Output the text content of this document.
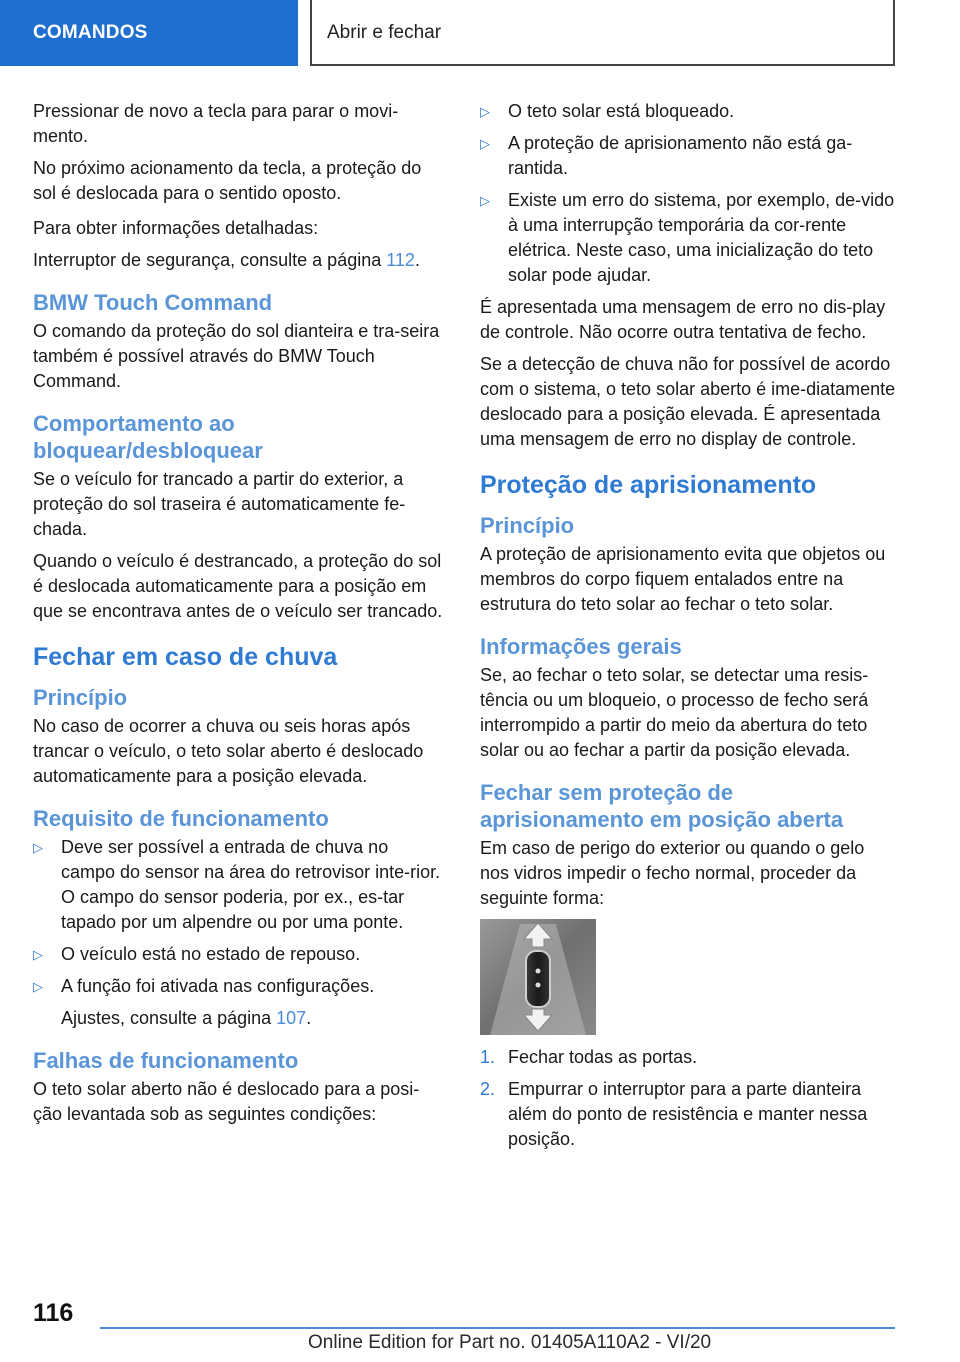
COMANDOS	Abrir e fechar

Pressionar de novo a tecla para parar o movi-mento.

No próximo acionamento da tecla, a proteção do sol é deslocada para o sentido oposto.

Para obter informações detalhadas:

Interruptor de segurança, consulte a página 112.

BMW Touch Command

O comando da proteção do sol dianteira e tra-seira também é possível através do BMW Touch Command.

Comportamento ao bloquear/desbloquear

Se o veículo for trancado a partir do exterior, a proteção do sol traseira é automaticamente fe-chada.

Quando o veículo é destrancado, a proteção do sol é deslocada automaticamente para a posição em que se encontrava antes de o veículo ser trancado.

Fechar em caso de chuva
Princípio

No caso de ocorrer a chuva ou seis horas após trancar o veículo, o teto solar aberto é deslocado automaticamente para a posição elevada.

Requisito de funcionamento
▷ Deve ser possível a entrada de chuva no campo do sensor na área do retrovisor inte-rior. O campo do sensor poderia, por ex., es-tar tapado por um alpendre ou por uma ponte.
▷ O veículo está no estado de repouso.
▷ A função foi ativada nas configurações.

Ajustes, consulte a página 107.

Falhas de funcionamento

O teto solar aberto não é deslocado para a posi-ção levantada sob as seguintes condições:

▷ O teto solar está bloqueado.
▷ A proteção de aprisionamento não está ga-rantida.
▷ Existe um erro do sistema, por exemplo, de-vido à uma interrupção temporária da cor-rente elétrica. Neste caso, uma inicialização do teto solar pode ajudar.

É apresentada uma mensagem de erro no dis-play de controle. Não ocorre outra tentativa de fecho.

Se a detecção de chuva não for possível de acordo com o sistema, o teto solar aberto é ime-diatamente deslocado para a posição elevada. É apresentada uma mensagem de erro no display de controle.

Proteção de aprisionamento
Princípio

A proteção de aprisionamento evita que objetos ou membros do corpo fiquem entalados entre na estrutura do teto solar ao fechar o teto solar.

Informações gerais

Se, ao fechar o teto solar, se detectar uma resis-tência ou um bloqueio, o processo de fecho será interrompido a partir do meio da abertura do teto solar ou ao fechar a partir da posição elevada.

Fechar sem proteção de aprisionamento em posição aberta

Em caso de perigo do exterior ou quando o gelo nos vidros impedir o fecho normal, proceder da seguinte forma:

1. Fechar todas as portas.
2. Empurrar o interruptor para a parte dianteira além do ponto de resistência e manter nessa posição.
116
Online Edition for Part no. 01405A110A2 - VI/20
